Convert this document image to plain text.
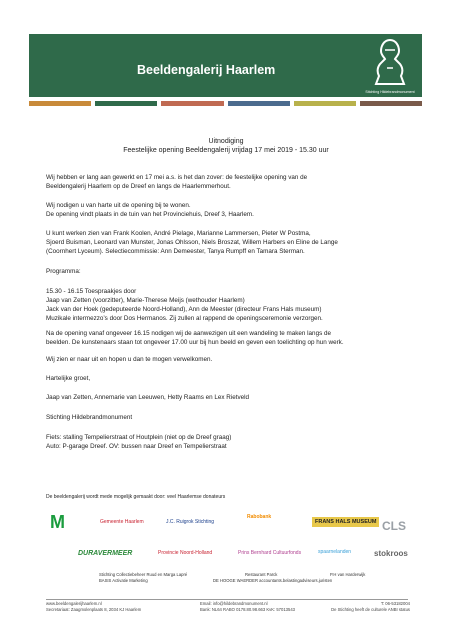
Beeldengalerij Haarlem
Stichting Hildebrandmonument
Uitnodiging
Feestelijke opening Beeldengalerij vrijdag 17 mei 2019 - 15.30 uur

Wij hebben er lang aan gewerkt en 17 mei a.s. is het dan zover: de feestelijke opening van de

Beeldengalerij Haarlem op de Dreef en langs de Haarlemmerhout.

Wij nodigen u van harte uit de opening bij te wonen.

De opening vindt plaats in de tuin van het Provinciehuis, Dreef 3, Haarlem.

U kunt werken zien van Frank Koolen, André Pielage, Marianne Lammersen, Pieter W Postma,

Sjoerd Buisman, Leonard van Munster, Jonas Ohlsson, Niels Broszat, Willem Harbers en Eline de Lange

(Coornhert Lyceum). Selectiecommissie: Ann Demeester, Tanya Rumpff en Tamara Sterman.

Programma:

15.30 - 16.15 Toespraakjes door

Jaap van Zetten (voorzitter), Marie-Therese Meijs (wethouder Haarlem)

Jack van der Hoek (gedeputeerde Noord-Holland), Ann de Meester (directeur Frans Hals museum)

Muzikale intermezzo’s door Dos Hermanos. Zij zullen al rappend de openingsceremonie verzorgen.

Na de opening vanaf ongeveer 16.15 nodigen wij de aanwezigen uit een wandeling te maken langs de

beelden. De kunstenaars staan tot ongeveer 17.00 uur bij hun beeld en geven een toelichting op hun werk.

Wij zien er naar uit en hopen u dan te mogen verwelkomen.

Hartelijke groet,

Jaap van Zetten, Annemarie van Leeuwen, Hetty Raams en Lex Rietveld

Stichting Hildebrandmonument

Fiets: stalling Tempelierstraat of Houtplein (niet op de Dreef graag)

Auto: P-garage Dreef. OV: bussen naar Dreef en Tempelierstraat

De beeldengalerij wordt mede mogelijk gemaakt door: veel Haarlemse donateurs
M	Gemeente Haarlem	J.C. Ruigrok Stichting
Rabobank
FRANS HALS MUSEUM CLS
DURAVERMEER	Provincie Noord-Holland	Prins Bernhard Cultuurfonds	spaarnelanden	stokroos
Stichting Collectiebeheer Ruud en Marga Lapré
BASIS Activatie Marketing
Restaurant Parck
DE HOOGE WAERDER accountants.belastingadviseurs.juristen
P.H van Harderwijk
www.beeldengalerijhaarlem.nl
Secretariaat: Zaagmolenplaats 8, 2034 KJ Haarlem
Email: info@hildebrandmonument.nl
Bank: NL64 RABO 0178.80.98.663 KvK: 57013543
T: 06-53182004
De Stichting heeft de culturele ANBI status
